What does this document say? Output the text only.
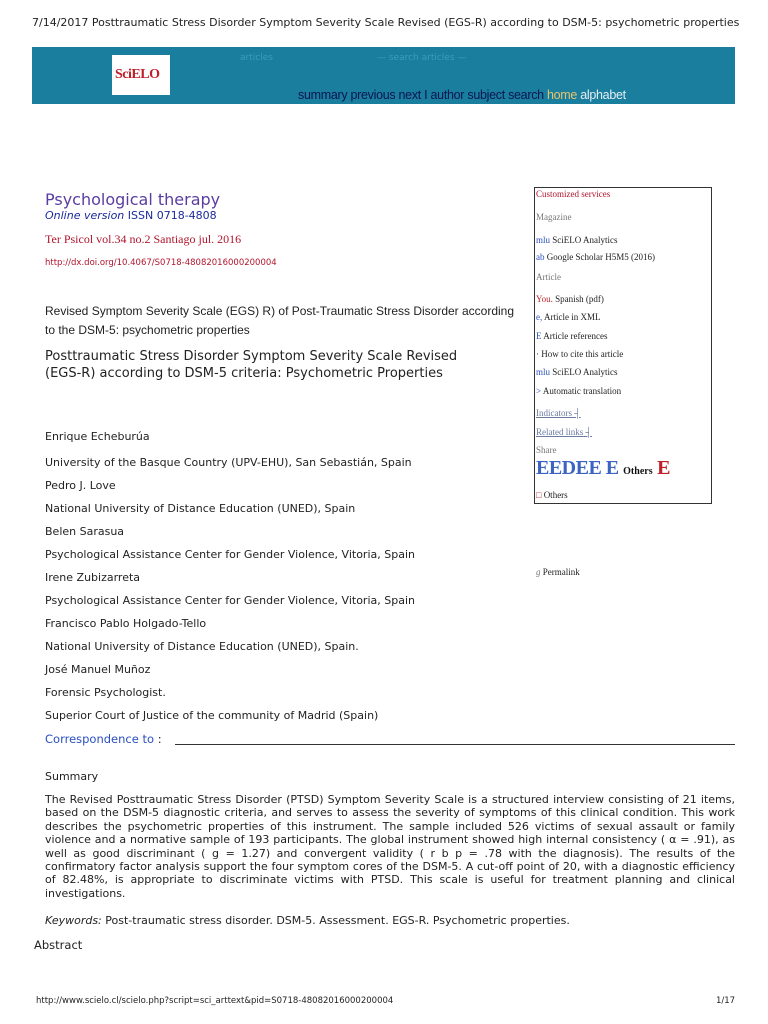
7/14/2017 Posttraumatic Stress Disorder Symptom Severity Scale Revised (EGS-R) according to DSM-5: psychometric properties
SciELO
articles	— search articles —
summary previous next I author subject search home alphabet
Psychological therapy
Online version ISSN 0718-4808
Ter Psicol vol.34 no.2 Santiago jul. 2016
http://dx.doi.org/10.4067/S0718-48082016000200004
Revised Symptom Severity Scale (EGS) R) of Post-Traumatic Stress Disorder according to the DSM-5: psychometric properties
Posttraumatic Stress Disorder Symptom Severity Scale Revised (EGS-R) according to DSM-5 criteria: Psychometric Properties
Enrique Echeburúa
University of the Basque Country (UPV-EHU), San Sebastián, Spain
Pedro J. Love
National University of Distance Education (UNED), Spain
Belen Sarasua
Psychological Assistance Center for Gender Violence, Vitoria, Spain
Irene Zubizarreta
Psychological Assistance Center for Gender Violence, Vitoria, Spain
Francisco Pablo Holgado-Tello
National University of Distance Education (UNED), Spain.
José Manuel Muñoz
Forensic Psychologist.
Superior Court of Justice of the community of Madrid (Spain)
Correspondence to :
Summary
The Revised Posttraumatic Stress Disorder (PTSD) Symptom Severity Scale is a structured interview consisting of 21 items, based on the DSM-5 diagnostic criteria, and serves to assess the severity of symptoms of this clinical condition. This work describes the psychometric properties of this instrument. The sample included 526 victims of sexual assault or family violence and a normative sample of 193 participants. The global instrument showed high internal consistency ( α = .91), as well as good discriminant ( g = 1.27) and convergent validity ( r b p = .78 with the diagnosis). The results of the confirmatory factor analysis support the four symptom cores of the DSM-5. A cut-off point of 20, with a diagnostic efficiency of 82.48%, is appropriate to discriminate victims with PTSD. This scale is useful for treatment planning and clinical investigations.
Keywords: Post-traumatic stress disorder. DSM-5. Assessment. EGS-R. Psychometric properties.
Abstract
http://www.scielo.cl/scielo.php?script=sci_arttext&pid=S0718-48082016000200004	1/17
Customized services
Magazine
mlu SciELO Analytics
ab Google Scholar H5M5 (2016)
Article
You. Spanish (pdf)
e, Article in XML
E Article references
· How to cite this article
mlu SciELO Analytics
> Automatic translation
Indicators ┤
Related links ┤
Share
EEDEE E Others E
□ Others
g Permalink
